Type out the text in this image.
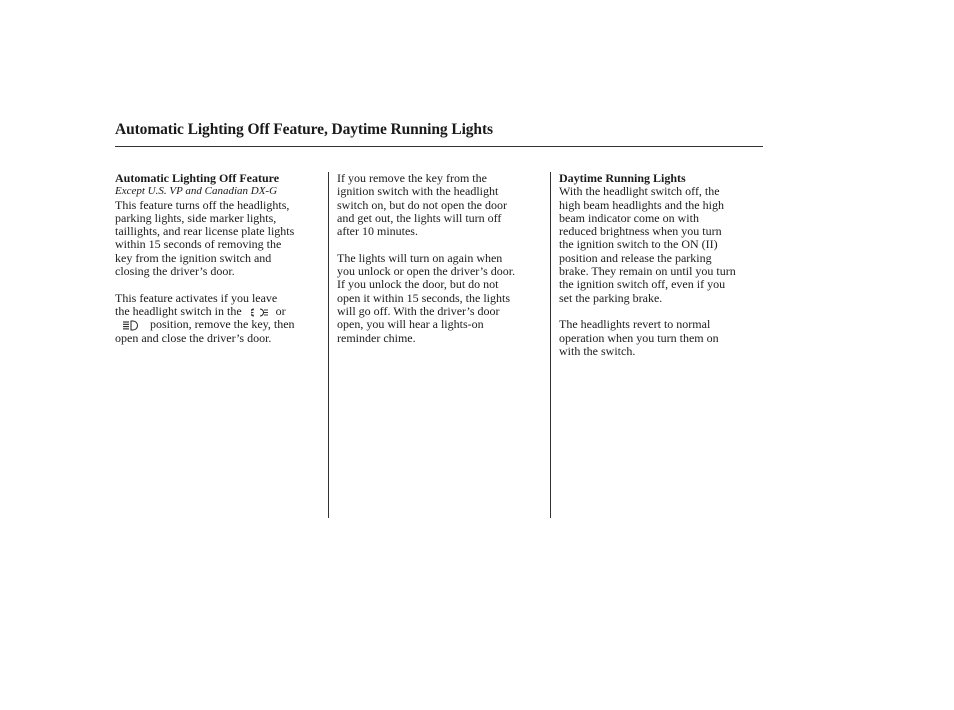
Automatic Lighting Off Feature, Daytime Running Lights
Automatic Lighting Off Feature
Except U.S. VP and Canadian DX-G

This feature turns off the headlights,
parking lights, side marker lights,
taillights, and rear license plate lights
within 15 seconds of removing the
key from the ignition switch and
closing the driver’s door.

This feature activates if you leave
the headlight switch in the	or
position, remove the key, then
open and close the driver’s door.

If you remove the key from the
ignition switch with the headlight
switch on, but do not open the door
and get out, the lights will turn off
after 10 minutes.

The lights will turn on again when
you unlock or open the driver’s door.
If you unlock the door, but do not
open it within 15 seconds, the lights
will go off. With the driver’s door
open, you will hear a lights-on
reminder chime.

Daytime Running Lights

With the headlight switch off, the
high beam headlights and the high
beam indicator come on with
reduced brightness when you turn
the ignition switch to the ON (II)
position and release the parking
brake. They remain on until you turn
the ignition switch off, even if you
set the parking brake.

The headlights revert to normal
operation when you turn them on
with the switch.
